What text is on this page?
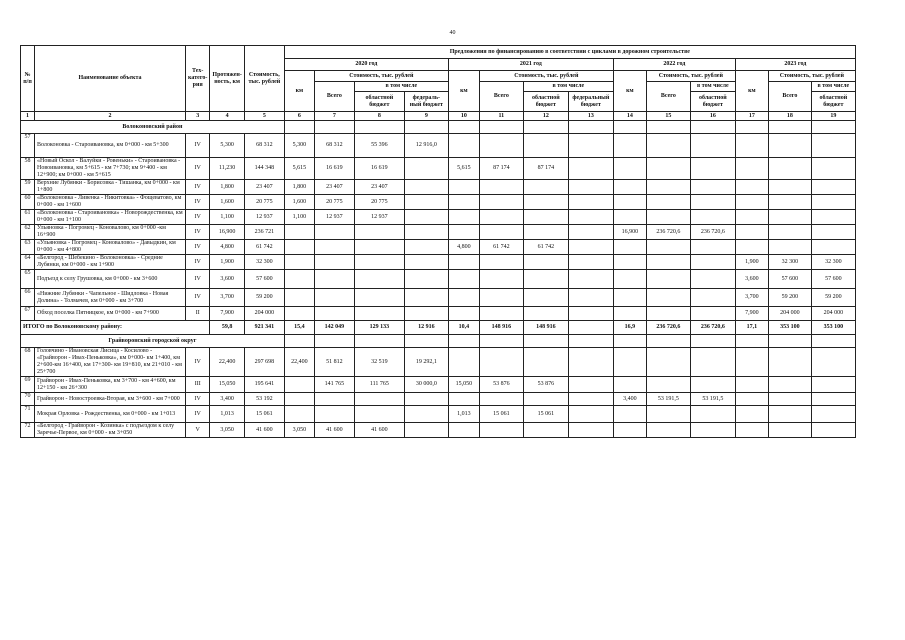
40
№ п/п	Наименование объекта	Тех- катего- рия	Протяжен- ность, км	Стоимость, тыс. рублей	Предложения по финансированию в соответствии с циклами в дорожном строительстве													
					2020 год				2021 год				2022 год			2023 год		
					км	Стоимость, тыс. рублей			км	Стоимость, тыс. рублей			км	Стоимость, тыс. рублей		км	Стоимость, тыс. рублей	
						Всего	в том числе			Всего	в том числе			Всего	в том числе		Всего	в том числе
							областной бюджет	федераль- ный бюджет			областной бюджет	федеральный бюджет			областной бюджет			областной бюджет
1	2	3	4	5	6	7	8	9	10	11	12	13	14	15	16	17	18	19
Волоконовский район																		
57	Волоконовка - Староивановка, км 0+000 - км 5+300	IV	5,300	68 312	5,300	68 312	55 396	12 916,0										
58	«Новый Оскол - Валуйки - Ровеньки» - Староивановка - Новоивановка, км 5+615 - км 7+730; км 9+400 - км 12+900; км 0+000 - км 5+615	IV	11,230	144 348	5,615	16 619	16 619		5,615	87 174	87 174							
59	Верхние Лубянки - Борисовка - Тишанка, км 0+000 - км 1+800	IV	1,800	23 407	1,800	23 407	23 407											
60	«Волоконовка - Ливенка - Никитовка» - Фощеватово, км 0+000 - км 1+600	IV	1,600	20 775	1,600	20 775	20 775											
61	«Волоконовка - Староивановка» - Новорождественка, км 0+000 - км 1+100	IV	1,100	12 937	1,100	12 937	12 937											
62	Ульяновка - Погромец - Коновалово, км 0+000 -км 16+900	IV	16,900	236 721									16,900	236 720,6	236 720,6			
63	«Ульяновка - Погромец - Коновалово» - Давыдкин, км 0+000 - км 4+800	IV	4,800	61 742					4,800	61 742	61 742							
64	«Белгород - Шебекино - Волоконовка» - Средние Лубянки, км 0+000 - км 1+900	IV	1,900	32 300												1,900	32 300	32 300
65	Подъезд к селу Грушовка, км 0+000 - км 3+600	IV	3,600	57 600												3,600	57 600	57 600
66	«Нижние Лубянки - Чапельное - Шидловка - Новая Долина» - Толмачев, км 0+000 - км 3+700	IV	3,700	59 200												3,700	59 200	59 200
67	Обход поселка Пятницкое, км 0+000 - км 7+900	II	7,900	204 000												7,900	204 000	204 000
ИТОГО по Волоконовскому району:			59,8	921 341	15,4	142 049	129 133	12 916	10,4	148 916	148 916		16,9	236 720,6	236 720,6	17,1	353 100	353 100
Грайворонский городской округ																		
68	Головчино - Ивановская Лисица - Косилово - «Грайворон - Ивах-Пеньковка», км 0+000- км 1+400, км 2+600-км 16+400, км 17+300- км 19+810, км 21+010 - км 25+700	IV	22,400	297 698	22,400	51 812	32 519	19 292,1										
69	Грайворон - Ивах-Пеньковка, км 3+700 - км 4+600, км 12+150 - км 26+300	III	15,050	195 641		141 765	111 765	30 000,0	15,050	53 876	53 876							
70	Грайворон - Новостроевка-Вторая, км 3+600 - км 7+000	IV	3,400	53 192									3,400	53 191,5	53 191,5			
71	Мокрая Орловка - Рождественка, км 0+000 - км 1+013	IV	1,013	15 061					1,013	15 061	15 061							
72	«Белгород - Грайворон - Козинка» с подъездом к селу Заречье-Первое, км 0+000 - км 3+050	V	3,050	41 600	3,050	41 600	41 600											
